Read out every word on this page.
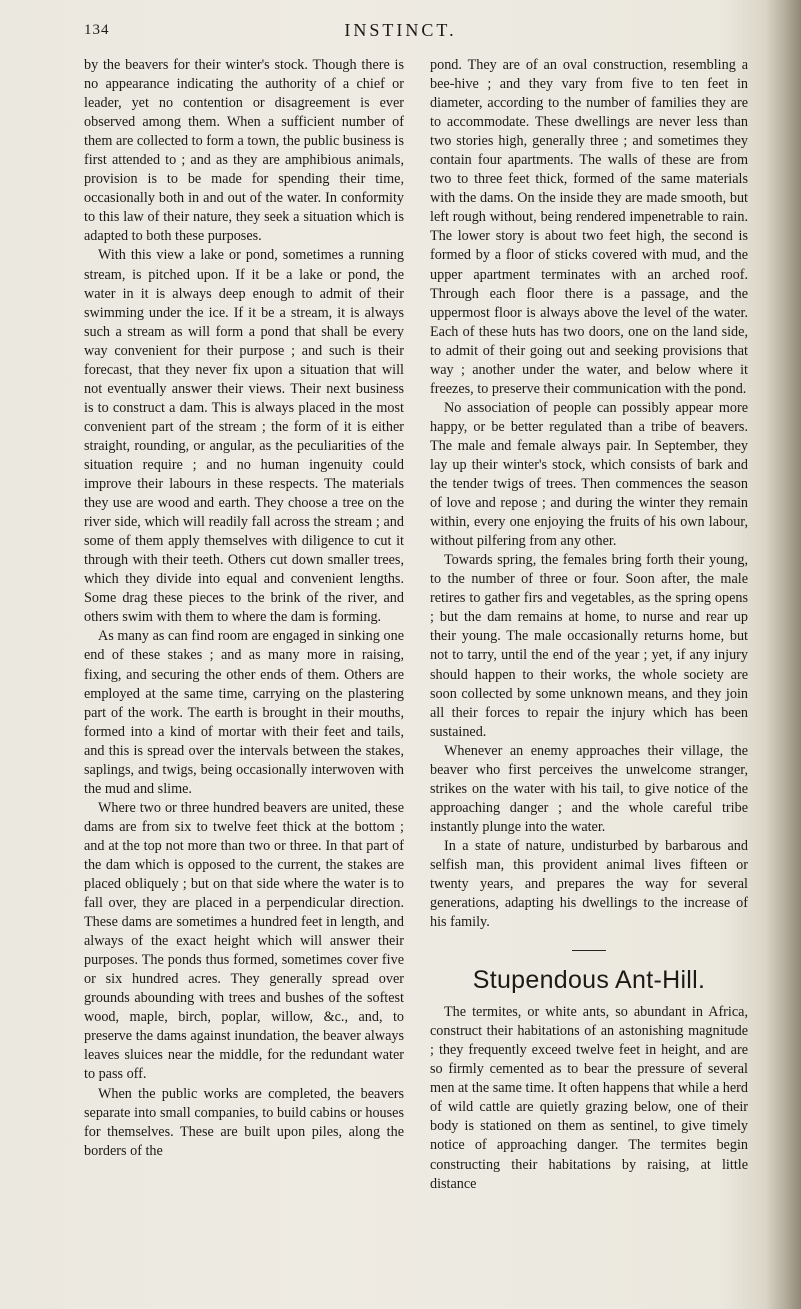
134	INSTINCT.

by the beavers for their winter's stock. Though there is no appearance indicating the authority of a chief or leader, yet no contention or disagreement is ever observed among them. When a sufficient number of them are collected to form a town, the public business is first attended to ; and as they are amphibious animals, provision is to be made for spending their time, occasionally both in and out of the water. In conformity to this law of their nature, they seek a situation which is adapted to both these purposes.

With this view a lake or pond, sometimes a running stream, is pitched upon. If it be a lake or pond, the water in it is always deep enough to admit of their swimming under the ice. If it be a stream, it is always such a stream as will form a pond that shall be every way convenient for their purpose ; and such is their forecast, that they never fix upon a situation that will not eventually answer their views. Their next business is to construct a dam. This is always placed in the most convenient part of the stream ; the form of it is either straight, rounding, or angular, as the peculiarities of the situation require ; and no human ingenuity could improve their labours in these respects. The materials they use are wood and earth. They choose a tree on the river side, which will readily fall across the stream ; and some of them apply themselves with diligence to cut it through with their teeth. Others cut down smaller trees, which they divide into equal and convenient lengths. Some drag these pieces to the brink of the river, and others swim with them to where the dam is forming.

As many as can find room are engaged in sinking one end of these stakes ; and as many more in raising, fixing, and securing the other ends of them. Others are employed at the same time, carrying on the plastering part of the work. The earth is brought in their mouths, formed into a kind of mortar with their feet and tails, and this is spread over the intervals between the stakes, saplings, and twigs, being occasionally interwoven with the mud and slime.

Where two or three hundred beavers are united, these dams are from six to twelve feet thick at the bottom ; and at the top not more than two or three. In that part of the dam which is opposed to the current, the stakes are placed obliquely ; but on that side where the water is to fall over, they are placed in a perpendicular direction. These dams are sometimes a hundred feet in length, and always of the exact height which will answer their purposes. The ponds thus formed, sometimes cover five or six hundred acres. They generally spread over grounds abounding with trees and bushes of the softest wood, maple, birch, poplar, willow, &c., and, to preserve the dams against inundation, the beaver always leaves sluices near the middle, for the redundant water to pass off.

When the public works are completed, the beavers separate into small companies, to build cabins or houses for themselves. These are built upon piles, along the borders of the

pond. They are of an oval construction, resembling a bee-hive ; and they vary from five to ten feet in diameter, according to the number of families they are to accommodate. These dwellings are never less than two stories high, generally three ; and sometimes they contain four apartments. The walls of these are from two to three feet thick, formed of the same materials with the dams. On the inside they are made smooth, but left rough without, being rendered impenetrable to rain. The lower story is about two feet high, the second is formed by a floor of sticks covered with mud, and the upper apartment terminates with an arched roof. Through each floor there is a passage, and the uppermost floor is always above the level of the water. Each of these huts has two doors, one on the land side, to admit of their going out and seeking provisions that way ; another under the water, and below where it freezes, to preserve their communication with the pond.

No association of people can possibly appear more happy, or be better regulated than a tribe of beavers. The male and female always pair. In September, they lay up their winter's stock, which consists of bark and the tender twigs of trees. Then commences the season of love and repose ; and during the winter they remain within, every one enjoying the fruits of his own labour, without pilfering from any other.

Towards spring, the females bring forth their young, to the number of three or four. Soon after, the male retires to gather firs and vegetables, as the spring opens ; but the dam remains at home, to nurse and rear up their young. The male occasionally returns home, but not to tarry, until the end of the year ; yet, if any injury should happen to their works, the whole society are soon collected by some unknown means, and they join all their forces to repair the injury which has been sustained.

Whenever an enemy approaches their village, the beaver who first perceives the unwelcome stranger, strikes on the water with his tail, to give notice of the approaching danger ; and the whole careful tribe instantly plunge into the water.

In a state of nature, undisturbed by barbarous and selfish man, this provident animal lives fifteen or twenty years, and prepares the way for several generations, adapting his dwellings to the increase of his family.

Stupendous Ant-Hill.

The termites, or white ants, so abundant in Africa, construct their habitations of an astonishing magnitude ; they frequently exceed twelve feet in height, and are so firmly cemented as to bear the pressure of several men at the same time. It often happens that while a herd of wild cattle are quietly grazing below, one of their body is stationed on them as sentinel, to give timely notice of approaching danger. The termites begin constructing their habitations by raising, at little distance
